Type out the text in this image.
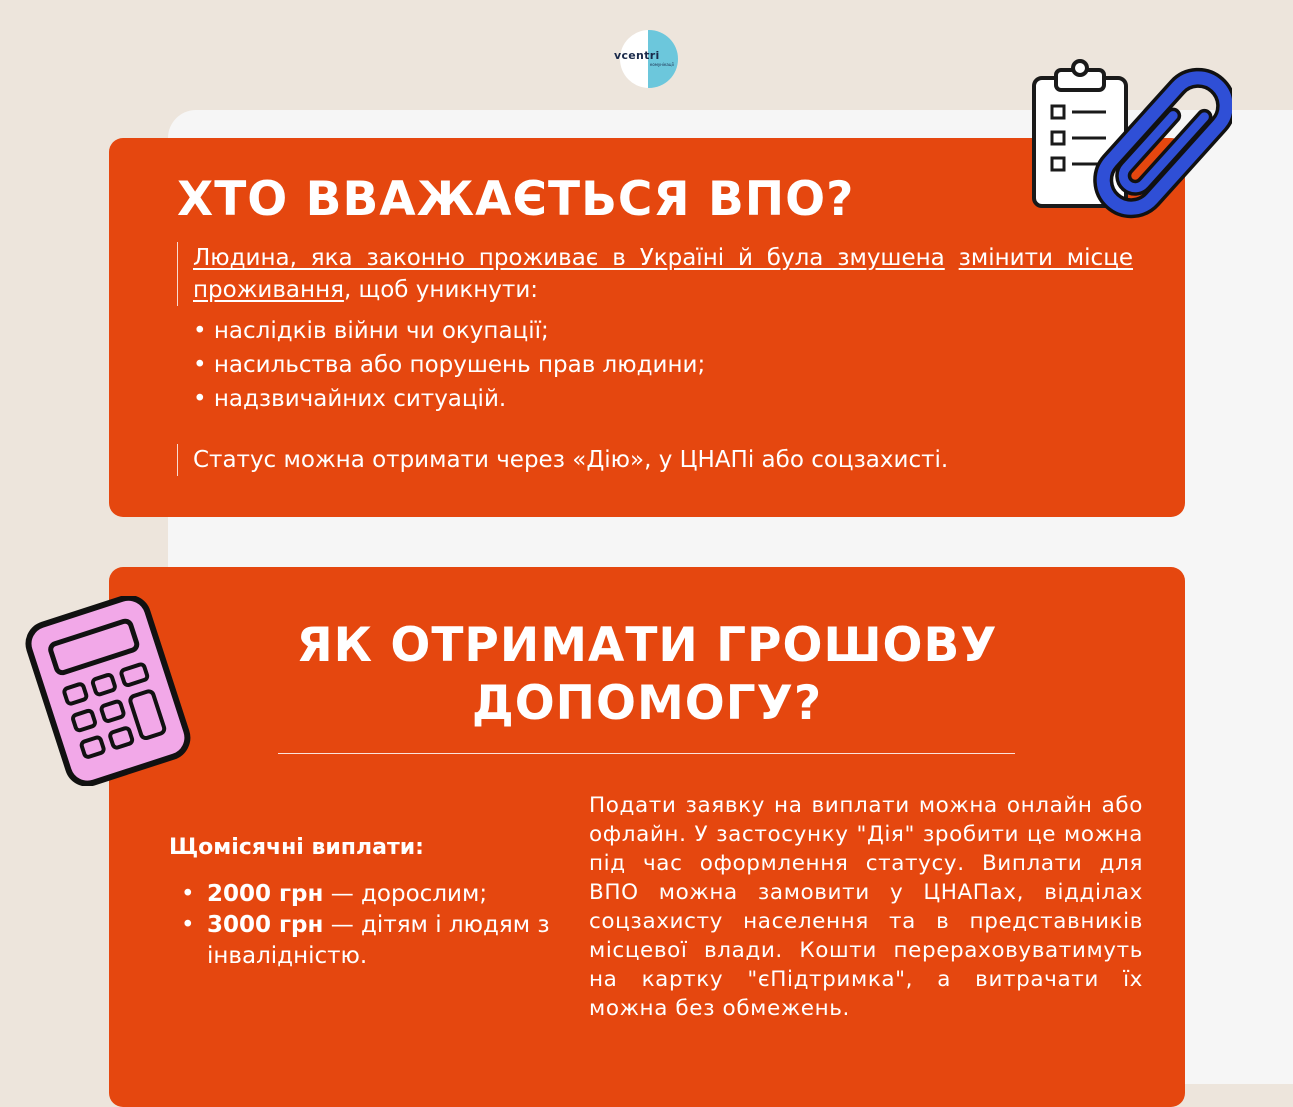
vcentri
комунікації
ХТО ВВАЖАЄТЬСЯ ВПО?

Людина, яка законно проживає в Україні й була змушена змінити місце проживання, щоб уникнути:

• наслідків війни чи окупації;
• насильства або порушень прав людини;
• надзвичайних ситуацій.

Статус можна отримати через «Дію», у ЦНАПі або соцзахисті.

ЯК ОТРИМАТИ ГРОШОВУ
ДОПОМОГУ?

Щомісячні виплати:

• 2000 грн — дорослим;
• 3000 грн — дітям і людям з інвалідністю.

Подати заявку на виплати можна онлайн або офлайн. У застосунку "Дія" зробити це можна під час оформлення статусу. Виплати для ВПО можна замовити у ЦНАПах, відділах соцзахисту населення та в представників місцевої влади. Кошти перераховуватимуть на картку "єПідтримка", а витрачати їх можна без обмежень.
